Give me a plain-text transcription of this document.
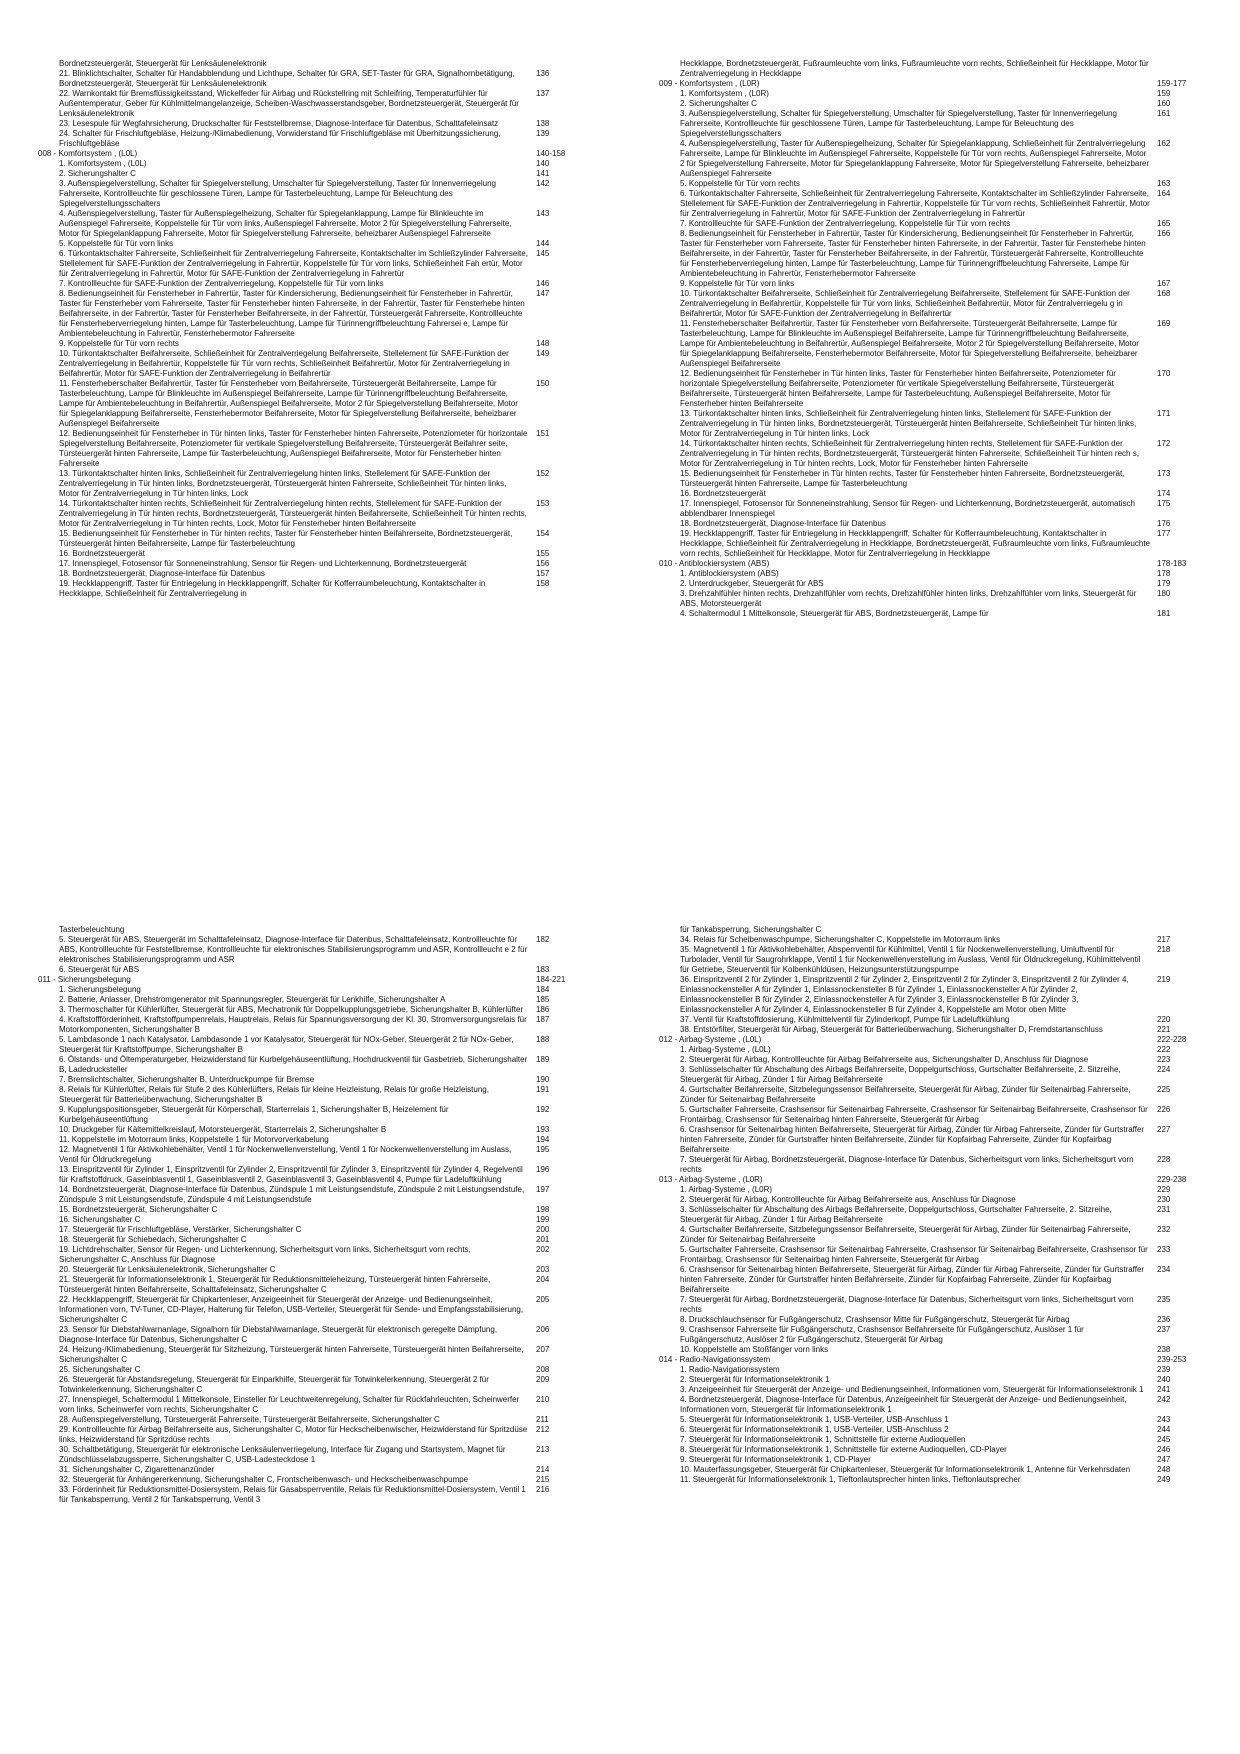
Bordnetzsteuergerät, Steuergerät für Lenksäulenelektronik
21. Blinklichtschalter, Schalter für Handabblendung und Lichthupe, Schalter für GRA, SET-Taster für GRA, Signalhornbetätigung, Bordnetzsteuergerät, Steuergerät für Lenksäulenelektronik
136
22. Warnkontakt für Bremsflüssigkeitsstand, Wickelfeder für Airbag und Rückstellring mit Schleifring, Temperaturfühler für Außentemperatur, Geber für Kühlmittelmangelanzeige, Scheiben-Waschwasserstandsgeber, Bordnetzsteuergerät, Steuergerät für Lenksäulenelektronik
137
23. Lesespule für Wegfahrsicherung, Druckschalter für Feststellbremse, Diagnose-Interface für Datenbus, Schalttafeleinsatz	138
24. Schalter für Frischluftgebläse, Heizung-/Klimabedienung, Vorwiderstand für Frischluftgebläse mit Überhitzungssicherung, Frischluftgebläse
139
008 - Komfortsystem , (L0L)	140-158
1. Komfortsystem , (L0L)	140
2. Sicherungshalter C	141
3. Außenspiegelverstellung, Schalter für Spiegelverstellung, Umschalter für Spiegelverstellung, Taster für Innenverriegelung Fahrerseite, Kontrollleuchte für geschlossene Türen, Lampe für Tasterbeleuchtung, Lampe für Beleuchtung des Spiegelverstellungsschalters
142
4. Außenspiegelverstellung, Taster für Außenspiegelheizung, Schalter für Spiegelanklappung, Lampe für Blinkleuchte im Außenspiegel Fahrerseite, Koppelstelle für Tür vorn links, Außenspiegel Fahrerseite, Motor 2 für Spiegelverstellung Fahrerseite, Motor für Spiegelanklappung Fahrerseite, Motor für Spiegelverstellung Fahrerseite, beheizbarer Außenspiegel Fahrerseite
143
5. Koppelstelle für Tür vorn links	144
6. Türkontaktschalter Fahrerseite, Schließeinheit für Zentralverriegelung Fahrerseite, Kontaktschalter im Schließzylinder Fahrerseite, Stellelement für SAFE-Funktion der Zentralverriegelung in Fahrertür, Koppelstelle für Tür vorn links, Schließeinheit Fah ertür, Motor für Zentralverriegelung in Fahrertür, Motor für SAFE-Funktion der Zentralverriegelung in Fahrertür
145
7. Kontrollleuchte für SAFE-Funktion der Zentralverriegelung, Koppelstelle für Tür vorn links	146
8. Bedienungseinheit für Fensterheber in Fahrertür, Taster für Kindersicherung, Bedienungseinheit für Fensterheber in Fahrertür, Taster für Fensterheber vorn Fahrerseite, Taster für Fensterheber hinten Fahrerseite, in der Fahrertür, Taster für Fensterhebe hinten Beifahrerseite, in der Fahrertür, Taster für Fensterheber Beifahrerseite, in der Fahrertür, Türsteuergerät Fahrerseite, Kontrollleuchte für Fensterheberverriegelung hinten, Lampe für Tasterbeleuchtung, Lampe für Türinnengriffbeleuchtung Fahrersei e, Lampe für Ambientebeleuchtung in Fahrertür, Fensterhebermotor Fahrerseite
147
9. Koppelstelle für Tür vorn rechts	148
10. Türkontaktschalter Beifahrerseite, Schließeinheit für Zentralverriegelung Beifahrerseite, Stellelement für SAFE-Funktion der Zentralverriegelung in Beifahrertür, Koppelstelle für Tür vorn rechts, Schließeinheit Beifahrertür, Motor für Zentralverriegelung in Beifahrertür, Motor für SAFE-Funktion der Zentralverriegelung in Beifahrertür
149
11. Fensterheberschalter Beifahrertür, Taster für Fensterheber vorn Beifahrerseite, Türsteuergerät Beifahrerseite, Lampe für Tasterbeleuchtung, Lampe für Blinkleuchte im Außenspiegel Beifahrerseite, Lampe für Türinnengriffbeleuchtung Beifahrerseite, Lampe für Ambientebeleuchtung in Beifahrertür, Außenspiegel Beifahrerseite, Motor 2 für Spiegelverstellung Beifahrerseite, Motor für Spiegelanklappung Beifahrerseite, Fensterhebermotor Beifahrerseite, Motor für Spiegelverstellung Beifahrerseite, beheizbarer Außenspiegel Beifahrerseite
150
12. Bedienungseinheit für Fensterheber in Tür hinten links, Taster für Fensterheber hinten Fahrerseite, Potenziometer für horizontale Spiegelverstellung Beifahrerseite, Potenziometer für vertikale Spiegelverstellung Beifahrerseite, Türsteuergerät Beifahrer seite, Türsteuergerät hinten Fahrerseite, Lampe für Tasterbeleuchtung, Außenspiegel Beifahrerseite, Motor für Fensterheber hinten Fahrerseite
151
13. Türkontaktschalter hinten links, Schließeinheit für Zentralverriegelung hinten links, Stellelement für SAFE-Funktion der Zentralverriegelung in Tür hinten links, Bordnetzsteuergerät, Türsteuergerät hinten Fahrerseite, Schließeinheit Tür hinten links, Motor für Zentralverriegelung in Tür hinten links, Lock
152
14. Türkontaktschalter hinten rechts, Schließeinheit für Zentralverriegelung hinten rechts, Stellelement für SAFE-Funktion der Zentralverriegelung in Tür hinten rechts, Bordnetzsteuergerät, Türsteuergerät hinten Beifahrerseite, Schließeinheit Tür hinten rechts, Motor für Zentralverriegelung in Tür hinten rechts, Lock, Motor für Fensterheber hinten Beifahrerseite
153
15. Bedienungseinheit für Fensterheber in Tür hinten rechts, Taster für Fensterheber hinten Beifahrerseite, Bordnetzsteuergerät, Türsteuergerät hinten Beifahrerseite, Lampe für Tasterbeleuchtung
154
16. Bordnetzsteuergerät	155
17. Innenspiegel, Fotosensor für Sonneneinstrahlung, Sensor für Regen- und Lichterkennung, Bordnetzsteuergerät	156
18. Bordnetzsteuergerät, Diagnose-Interface für Datenbus	157
19. Heckklappengriff, Taster für Entriegelung in Heckklappengriff, Schalter für Kofferraumbeleuchtung, Kontaktschalter in Heckklappe, Schließeinheit für Zentralverriegelung in
158
Heckklappe, Bordnetzsteuergerät, Fußraumleuchte vorn links, Fußraumleuchte vorn rechts, Schließeinheit für Heckklappe, Motor für Zentralverriegelung in Heckklappe
009 - Komfortsystem , (L0R)	159-177
1. Komfortsystem , (L0R)	159
2. Sicherungshalter C	160
3. Außenspiegelverstellung, Schalter für Spiegelverstellung, Umschalter für Spiegelverstellung, Taster für Innenverriegelung Fahrerseite, Kontrollleuchte für geschlossene Türen, Lampe für Tasterbeleuchtung, Lampe für Beleuchtung des Spiegelverstellungsschalters
161
4. Außenspiegelverstellung, Taster für Außenspiegelheizung, Schalter für Spiegelanklappung, Schließeinheit für Zentralverriegelung Fahrerseite, Lampe für Blinkleuchte im Außenspiegel Fahrerseite, Koppelstelle für Tür vorn rechts, Außenspiegel Fahrerseite, Motor 2 für Spiegelverstellung Fahrerseite, Motor für Spiegelanklappung Fahrerseite, Motor für Spiegelverstellung Fahrerseite, beheizbarer Außenspiegel Fahrerseite
162
5. Koppelstelle für Tür vorn rechts	163
6. Türkontaktschalter Fahrerseite, Schließeinheit für Zentralverriegelung Fahrerseite, Kontaktschalter im Schließzylinder Fahrerseite, Stellelement für SAFE-Funktion der Zentralverriegelung in Fahrertür, Koppelstelle für Tür vorn rechts, Schließeinheit Fahrertür, Motor für Zentralverriegelung in Fahrertür, Motor für SAFE-Funktion der Zentralverriegelung in Fahrertür
164
7. Kontrollleuchte für SAFE-Funktion der Zentralverriegelung, Koppelstelle für Tür vorn rechts	165
8. Bedienungseinheit für Fensterheber in Fahrertür, Taster für Kindersicherung, Bedienungseinheit für Fensterheber in Fahrertür, Taster für Fensterheber vorn Fahrerseite, Taster für Fensterheber hinten Fahrerseite, in der Fahrertür, Taster für Fensterhebe hinten Beifahrerseite, in der Fahrertür, Taster für Fensterheber Beifahrerseite, in der Fahrertür, Türsteuergerät Fahrerseite, Kontrollleuchte für Fensterheberverriegelung hinten, Lampe für Tasterbeleuchtung, Lampe für Türinnengriffbeleuchtung Fahrerseite, Lampe für Ambientebeleuchtung in Fahrertür, Fensterhebermotor Fahrerseite
166
9. Koppelstelle für Tür vorn links	167
10. Türkontaktschalter Beifahrerseite, Schließeinheit für Zentralverriegelung Beifahrerseite, Stellelement für SAFE-Funktion der Zentralverriegelung in Beifahrertür, Koppelstelle für Tür vorn links, Schließeinheit Beifahrertür, Motor für Zentralverriegelu g in Beifahrertür, Motor für SAFE-Funktion der Zentralverriegelung in Beifahrertür
168
11. Fensterheberschalter Beifahrertür, Taster für Fensterheber vorn Beifahrerseite, Türsteuergerät Beifahrerseite, Lampe für Tasterbeleuchtung, Lampe für Blinkleuchte im Außenspiegel Beifahrerseite, Lampe für Türinnengriffbeleuchtung Beifahrerseite, Lampe für Ambientebeleuchtung in Beifahrertür, Außenspiegel Beifahrerseite, Motor 2 für Spiegelverstellung Beifahrerseite, Motor für Spiegelanklappung Beifahrerseite, Fensterhebermotor Beifahrerseite, Motor für Spiegelverstellung Beifahrerseite, beheizbarer Außenspiegel Beifahrerseite
169
12. Bedienungseinheit für Fensterheber in Tür hinten links, Taster für Fensterheber hinten Beifahrerseite, Potenziometer für horizontale Spiegelverstellung Beifahrerseite, Potenziometer für vertikale Spiegelverstellung Beifahrerseite, Türsteuergerät Beifahrerseite, Türsteuergerät hinten Beifahrerseite, Lampe für Tasterbeleuchtung, Außenspiegel Beifahrerseite, Motor für Fensterheber hinten Beifahrerseite
170
13. Türkontaktschalter hinten links, Schließeinheit für Zentralverriegelung hinten links, Stellelement für SAFE-Funktion der Zentralverriegelung in Tür hinten links, Bordnetzsteuergerät, Türsteuergerät hinten Beifahrerseite, Schließeinheit Tür hinten links, Motor für Zentralverriegelung in Tür hinten links, Lock
171
14. Türkontaktschalter hinten rechts, Schließeinheit für Zentralverriegelung hinten rechts, Stellelement für SAFE-Funktion der Zentralverriegelung in Tür hinten rechts, Bordnetzsteuergerät, Türsteuergerät hinten Fahrerseite, Schließeinheit Tür hinten rech s, Motor für Zentralverriegelung in Tür hinten rechts, Lock, Motor für Fensterheber hinten Fahrerseite
172
15. Bedienungseinheit für Fensterheber in Tür hinten rechts, Taster für Fensterheber hinten Fahrerseite, Bordnetzsteuergerät, Türsteuergerät hinten Fahrerseite, Lampe für Tasterbeleuchtung
173
16. Bordnetzsteuergerät	174
17. Innenspiegel, Fotosensor für Sonneneinstrahlung, Sensor für Regen- und Lichterkennung, Bordnetzsteuergerät, automatisch abblendbarer Innenspiegel
175
18. Bordnetzsteuergerät, Diagnose-Interface für Datenbus	176
19. Heckklappengriff, Taster für Entriegelung in Heckklappengriff, Schalter für Kofferraumbeleuchtung, Kontaktschalter in Heckklappe, Schließeinheit für Zentralverriegelung in Heckklappe, Bordnetzsteuergerät, Fußraumleuchte vorn links, Fußraumleuchte vorn rechts, Schließeinheit für Heckklappe, Motor für Zentralverriegelung in Heckklappe
177
010 - Antiblockiersystem (ABS)	178-183
1. Antiblockiersystem (ABS)	178
2. Unterdruckgeber, Steuergerät für ABS	179
3. Drehzahlfühler hinten rechts, Drehzahlfühler vorn rechts, Drehzahlfühler hinten links, Drehzahlfühler vorn links, Steuergerät für ABS, Motorsteuergerät
180
4. Schaltermodul 1 Mittelkonsole, Steuergerät für ABS, Bordnetzsteuergerät, Lampe für	181
Tasterbeleuchtung
5. Steuergerät für ABS, Steuergerät im Schalttafeleinsatz, Diagnose-Interface für Datenbus, Schalttafeleinsatz, Kontrollleuchte für ABS, Kontrollleuchte für Feststellbremse, Kontrollleuchte für elektronisches Stabilisierungsprogramm und ASR, Kontrollleucht e 2 für elektronisches Stabilisierungsprogramm und ASR
182
6. Steuergerät für ABS	183
011 - Sicherungsbelegung	184-221
1. Sicherungsbelegung	184
2. Batterie, Anlasser, Drehstromgenerator mit Spannungsregler, Steuergerät für Lenkhilfe, Sicherungshalter A	185
3. Thermoschalter für Kühlerlüfter, Steuergerät für ABS, Mechatronik für Doppelkupplungsgetriebe, Sicherungshalter B, Kühlerlüfter	186
4. Kraftstoffförderinheit, Kraftstoffpumpenrelais, Hauptrelais, Relais für Spannungsversorgung der Kl. 30, Stromversorgungsrelais für Motorkomponenten, Sicherungshalter B
187
5. Lambdasonde 1 nach Katalysator, Lambdasonde 1 vor Katalysator, Steuergerät für NOx-Geber, Steuergerät 2 für NOx-Geber, Steuergerät für Kraftstoffpumpe, Sicherungshalter B
188
6. Ölstands- und Öltemperaturgeber, Heizwiderstand für Kurbelgehäuseentlüftung, Hochdruckventil für Gasbetrieb, Sicherungshalter B, Ladedrucksteller
189
7. Bremslichtschalter, Sicherungshalter B, Unterdruckpumpe für Bremse	190
8. Relais für Kühlerlüfter, Relais für Stufe 2 des Kühlerlüfters, Relais für kleine Heizleistung, Relais für große Heizleistung, Steuergerät für Batterieüberwachung, Sicherungshalter B
191
9. Kupplungspositionsgeber, Steuergerät für Körperschall, Starterrelais 1, Sicherungshalter B, Heizelement für Kurbelgehäuseentlüftung
192
10. Druckgeber für Kältemittelkreislauf, Motorsteuergerät, Starterrelais 2, Sicherungshalter B	193
11. Koppelstelle im Motorraum links, Koppelstelle 1 für Motorvorverkabelung	194
12. Magnetventil 1 für Aktivkohlebehälter, Ventil 1 für Nockenwellenverstellung, Ventil 1 für Nockenwellenverstellung im Auslass, Ventil für Öldruckregelung
195
13. Einspritzventil für Zylinder 1, Einspritzventil für Zylinder 2, Einspritzventil für Zylinder 3, Einspritzventil für Zylinder 4, Regelventil für Kraftstoffdruck, Gaseinblasventil 1, Gaseinblasventil 2, Gaseinblasventil 3, Gaseinblasventil 4, Pumpe für Ladeluftkühlung
196
14. Bordnetzsteuergerät, Diagnose-Interface für Datenbus, Zündspule 1 mit Leistungsendstufe, Zündspule 2 mit Leistungsendstufe, Zündspule 3 mit Leistungsendstufe, Zündspule 4 mit Leistungsendstufe
197
15. Bordnetzsteuergerät, Sicherungshalter C	198
16. Sicherungshalter C	199
17. Steuergerät für Frischluftgebläse, Verstärker, Sicherungshalter C	200
18. Steuergerät für Schiebedach, Sicherungshalter C	201
19. Lichtdrehschalter, Sensor für Regen- und Lichterkennung, Sicherheitsgurt vorn links, Sicherheitsgurt vorn rechts, Sicherungshalter C, Anschluss für Diagnose
202
20. Steuergerät für Lenksäulenelektronik, Sicherungshalter C	203
21. Steuergerät für Informationselektronik 1, Steuergerät für Reduktionsmitteleheizung, Türsteuergerät hinten Fahrerseite, Türsteuergerät hinten Beifahrerseite, Schalttafeleinsatz, Sicherungshalter C
204
22. Heckklappengriff, Steuergerät für Chipkartenleser, Anzeigeeinheit für Steuergerät der Anzeige- und Bedienungseinheit, Informationen vorn, TV-Tuner, CD-Player, Halterung für Telefon, USB-Verteiler, Steuergerät für Sende- und Empfangsstabilisierung, Sicherungshalter C
205
23. Sensor für Diebstahlwarnanlage, Signalhorn für Diebstahlwarnanlage, Steuergerät für elektronisch geregelte Dämpfung, Diagnose-Interface für Datenbus, Sicherungshalter C
206
24. Heizung-/Klimabedienung, Steuergerät für Sitzheizung, Türsteuergerät hinten Fahrerseite, Türsteuergerät hinten Beifahrerseite, Sicherungshalter C
207
25. Sicherungshalter C	208
26. Steuergerät für Abstandsregelung, Steuergerät für Einparkhilfe, Steuergerät für Totwinkelerkennung, Steuergerät 2 für Totwinkelerkennung, Sicherungshalter C
209
27. Innenspiegel, Schaltermodul 1 Mittelkonsole, Einsteller für Leuchtweitenregelung, Schalter für Rückfahrleuchten, Scheinwerfer vorn links, Scheinwerfer vorn rechts, Sicherungshalter C
210
28. Außenspiegelverstellung, Türsteuergerät Fahrerseite, Türsteuergerät Beifahrerseite, Sicherungshalter C	211
29. Kontrollleuchte für Airbag Beifahrerseite aus, Sicherungshalter C, Motor für Heckscheibenwischer, Heizwiderstand für Spritzdüse links, Heizwiderstand für Spritzdüse rechts
212
30. Schaltbetätigung, Steuergerät für elektronische Lenksäulenverriegelung, Interface für Zugang und Startsystem, Magnet für Zündschlüsselabzugssperre, Sicherungshalter C, USB-Ladesteckdose 1
213
31. Sicherungshalter C, Zigarettenanzünder	214
32. Steuergerät für Anhängererkennung, Sicherungshalter C, Frontscheibenwasch- und Heckscheibenwaschpumpe	215
33. Förderinheit für Reduktionsmittel-Dosiersystem, Relais für Gasabsperrventile, Relais für Reduktionsmittel-Dosiersystem, Ventil 1 für Tankabsperrung, Ventil 2 für Tankabsperrung, Ventil 3
216
für Tankabsperrung, Sicherungshalter C
34. Relais für Scheibenwaschpumpe, Sicherungshalter C, Koppelstelle im Motorraum links	217
35. Magnetventil 1 für Aktivkohlebehälter, Absperrventil für Kühlmittel, Ventil 1 für Nockenwellenverstellung, Umluftventil für Turbolader, Ventil für Saugrohrklappe, Ventil 1 für Nockenwellenverstellung im Auslass, Ventil für Öldruckregelung, Kühlmittelventil für Getriebe, Steuerventil für Kolbenkühldüsen, Heizungsunterstützungspumpe
218
36. Einspritzventil 2 für Zylinder 1, Einspritzventil 2 für Zylinder 2, Einspritzventil 2 für Zylinder 3, Einspritzventil 2 für Zylinder 4, Einlassnockensteller A für Zylinder 1, Einlassnockensteller B für Zylinder 1, Einlassnockensteller A für Zylinder 2, Einlassnockensteller B für Zylinder 2, Einlassnockensteller A für Zylinder 3, Einlassnockensteller B für Zylinder 3, Einlassnockensteller A für Zylinder 4, Einlassnockensteller B für Zylinder 4, Koppelstelle am Motor oben Mitte
219
37. Ventil für Kraftstoffdosierung, Kühlmittelventil für Zylinderkopf, Pumpe für Ladeluftkühlung	220
38. Entstörfilter, Steuergerät für Airbag, Steuergerät für Batterieüberwachung, Sicherungshalter D, Fremdstartanschluss	221
012 - Airbag-Systeme , (L0L)	222-228
1. Airbag-Systeme , (L0L)	222
2. Steuergerät für Airbag, Kontrollleuchte für Airbag Beifahrerseite aus, Sicherungshalter D, Anschluss für Diagnose	223
3. Schlüsselschalter für Abschaltung des Airbags Beifahrerseite, Doppelgurtschloss, Gurtschalter Beifahrerseite, 2. Sitzreihe, Steuergerät für Airbag, Zünder 1 für Airbag Beifahrerseite
224
4. Gurtschalter Beifahrerseite, Sitzbelegungssensor Beifahrerseite, Steuergerät für Airbag, Zünder für Seitenairbag Fahrerseite, Zünder für Seitenairbag Beifahrerseite
225
5. Gurtschalter Fahrerseite, Crashsensor für Seitenairbag Fahrerseite, Crashsensor für Seitenairbag Beifahrerseite, Crashsensor für Frontairbag, Crashsensor für Seitenairbag hinten Fahrerseite, Steuergerät für Airbag
226
6. Crashsensor für Seitenairbag hinten Beifahrerseite, Steuergerät für Airbag, Zünder für Airbag Fahrerseite, Zünder für Gurtstraffer hinten Fahrerseite, Zünder für Gurtstraffer hinten Beifahrerseite, Zünder für Kopfairbag Fahrerseite, Zünder für Kopfairbag Beifahrerseite
227
7. Steuergerät für Airbag, Bordnetzsteuergerät, Diagnose-Interface für Datenbus, Sicherheitsgurt vorn links, Sicherheitsgurt vorn rechts
228
013 - Airbag-Systeme , (L0R)	229-238
1. Airbag-Systeme , (L0R)	229
2. Steuergerät für Airbag, Kontrollleuchte für Airbag Beifahrerseite aus, Anschluss für Diagnose	230
3. Schlüsselschalter für Abschaltung des Airbags Beifahrerseite, Doppelgurtschloss, Gurtschalter Fahrerseite, 2. Sitzreihe, Steuergerät für Airbag, Zünder 1 für Airbag Beifahrerseite
231
4. Gurtschalter Beifahrerseite, Sitzbelegungssensor Beifahrerseite, Steuergerät für Airbag, Zünder für Seitenairbag Fahrerseite, Zünder für Seitenairbag Beifahrerseite
232
5. Gurtschalter Fahrerseite, Crashsensor für Seitenairbag Fahrerseite, Crashsensor für Seitenairbag Beifahrerseite, Crashsensor für Frontairbag, Crashsensor für Seitenairbag hinten Fahrerseite, Steuergerät für Airbag
233
6. Crashsensor für Seitenairbag hinten Beifahrerseite, Steuergerät für Airbag, Zünder für Airbag Fahrerseite, Zünder für Gurtstraffer hinten Fahrerseite, Zünder für Gurtstraffer hinten Beifahrerseite, Zünder für Kopfairbag Fahrerseite, Zünder für Kopfairbag Beifahrerseite
234
7. Steuergerät für Airbag, Bordnetzsteuergerät, Diagnose-Interface für Datenbus, Sicherheitsgurt vorn links, Sicherheitsgurt vorn rechts
235
8. Druckschlauchsensor für Fußgängerschutz, Crashsensor Mitte für Fußgängerschutz, Steuergerät für Airbag	236
9. Crashsensor Fahrerseite für Fußgängerschutz, Crashsensor Beifahrerseite für Fußgängerschutz, Auslöser 1 für Fußgängerschutz, Auslöser 2 für Fußgängerschutz, Steuergerät für Airbag
237
10. Koppelstelle am Stoßfänger vorn links	238
014 - Radio-Navigationssystem	239-253
1. Radio-Navigationssystem	239
2. Steuergerät für Informationselektronik 1	240
3. Anzeigeeinheit für Steuergerät der Anzeige- und Bedienungseinheit, Informationen vorn, Steuergerät für Informationselektronik 1	241
4. Bordnetzsteuergerät, Diagnose-Interface für Datenbus, Anzeigeeinheit für Steuergerät der Anzeige- und Bedienungseinheit, Informationen vorn, Steuergerät für Informationselektronik 1
242
5. Steuergerät für Informationselektronik 1, USB-Verteiler, USB-Anschluss 1	243
6. Steuergerät für Informationselektronik 1, USB-Verteiler, USB-Anschluss 2	244
7. Steuergerät für Informationselektronik 1, Schnittstelle für externe Audioquellen	245
8. Steuergerät für Informationselektronik 1, Schnittstelle für externe Audioquellen, CD-Player	246
9. Steuergerät für Informationselektronik 1, CD-Player	247
10. Mauterfassungsgeber, Steuergerät für Chipkartenleser, Steuergerät für Informationselektronik 1, Antenne für Verkehrsdaten	248
11. Steuergerät für Informationselektronik 1, Tieftonlautsprecher hinten links, Tieftonlautsprecher	249
